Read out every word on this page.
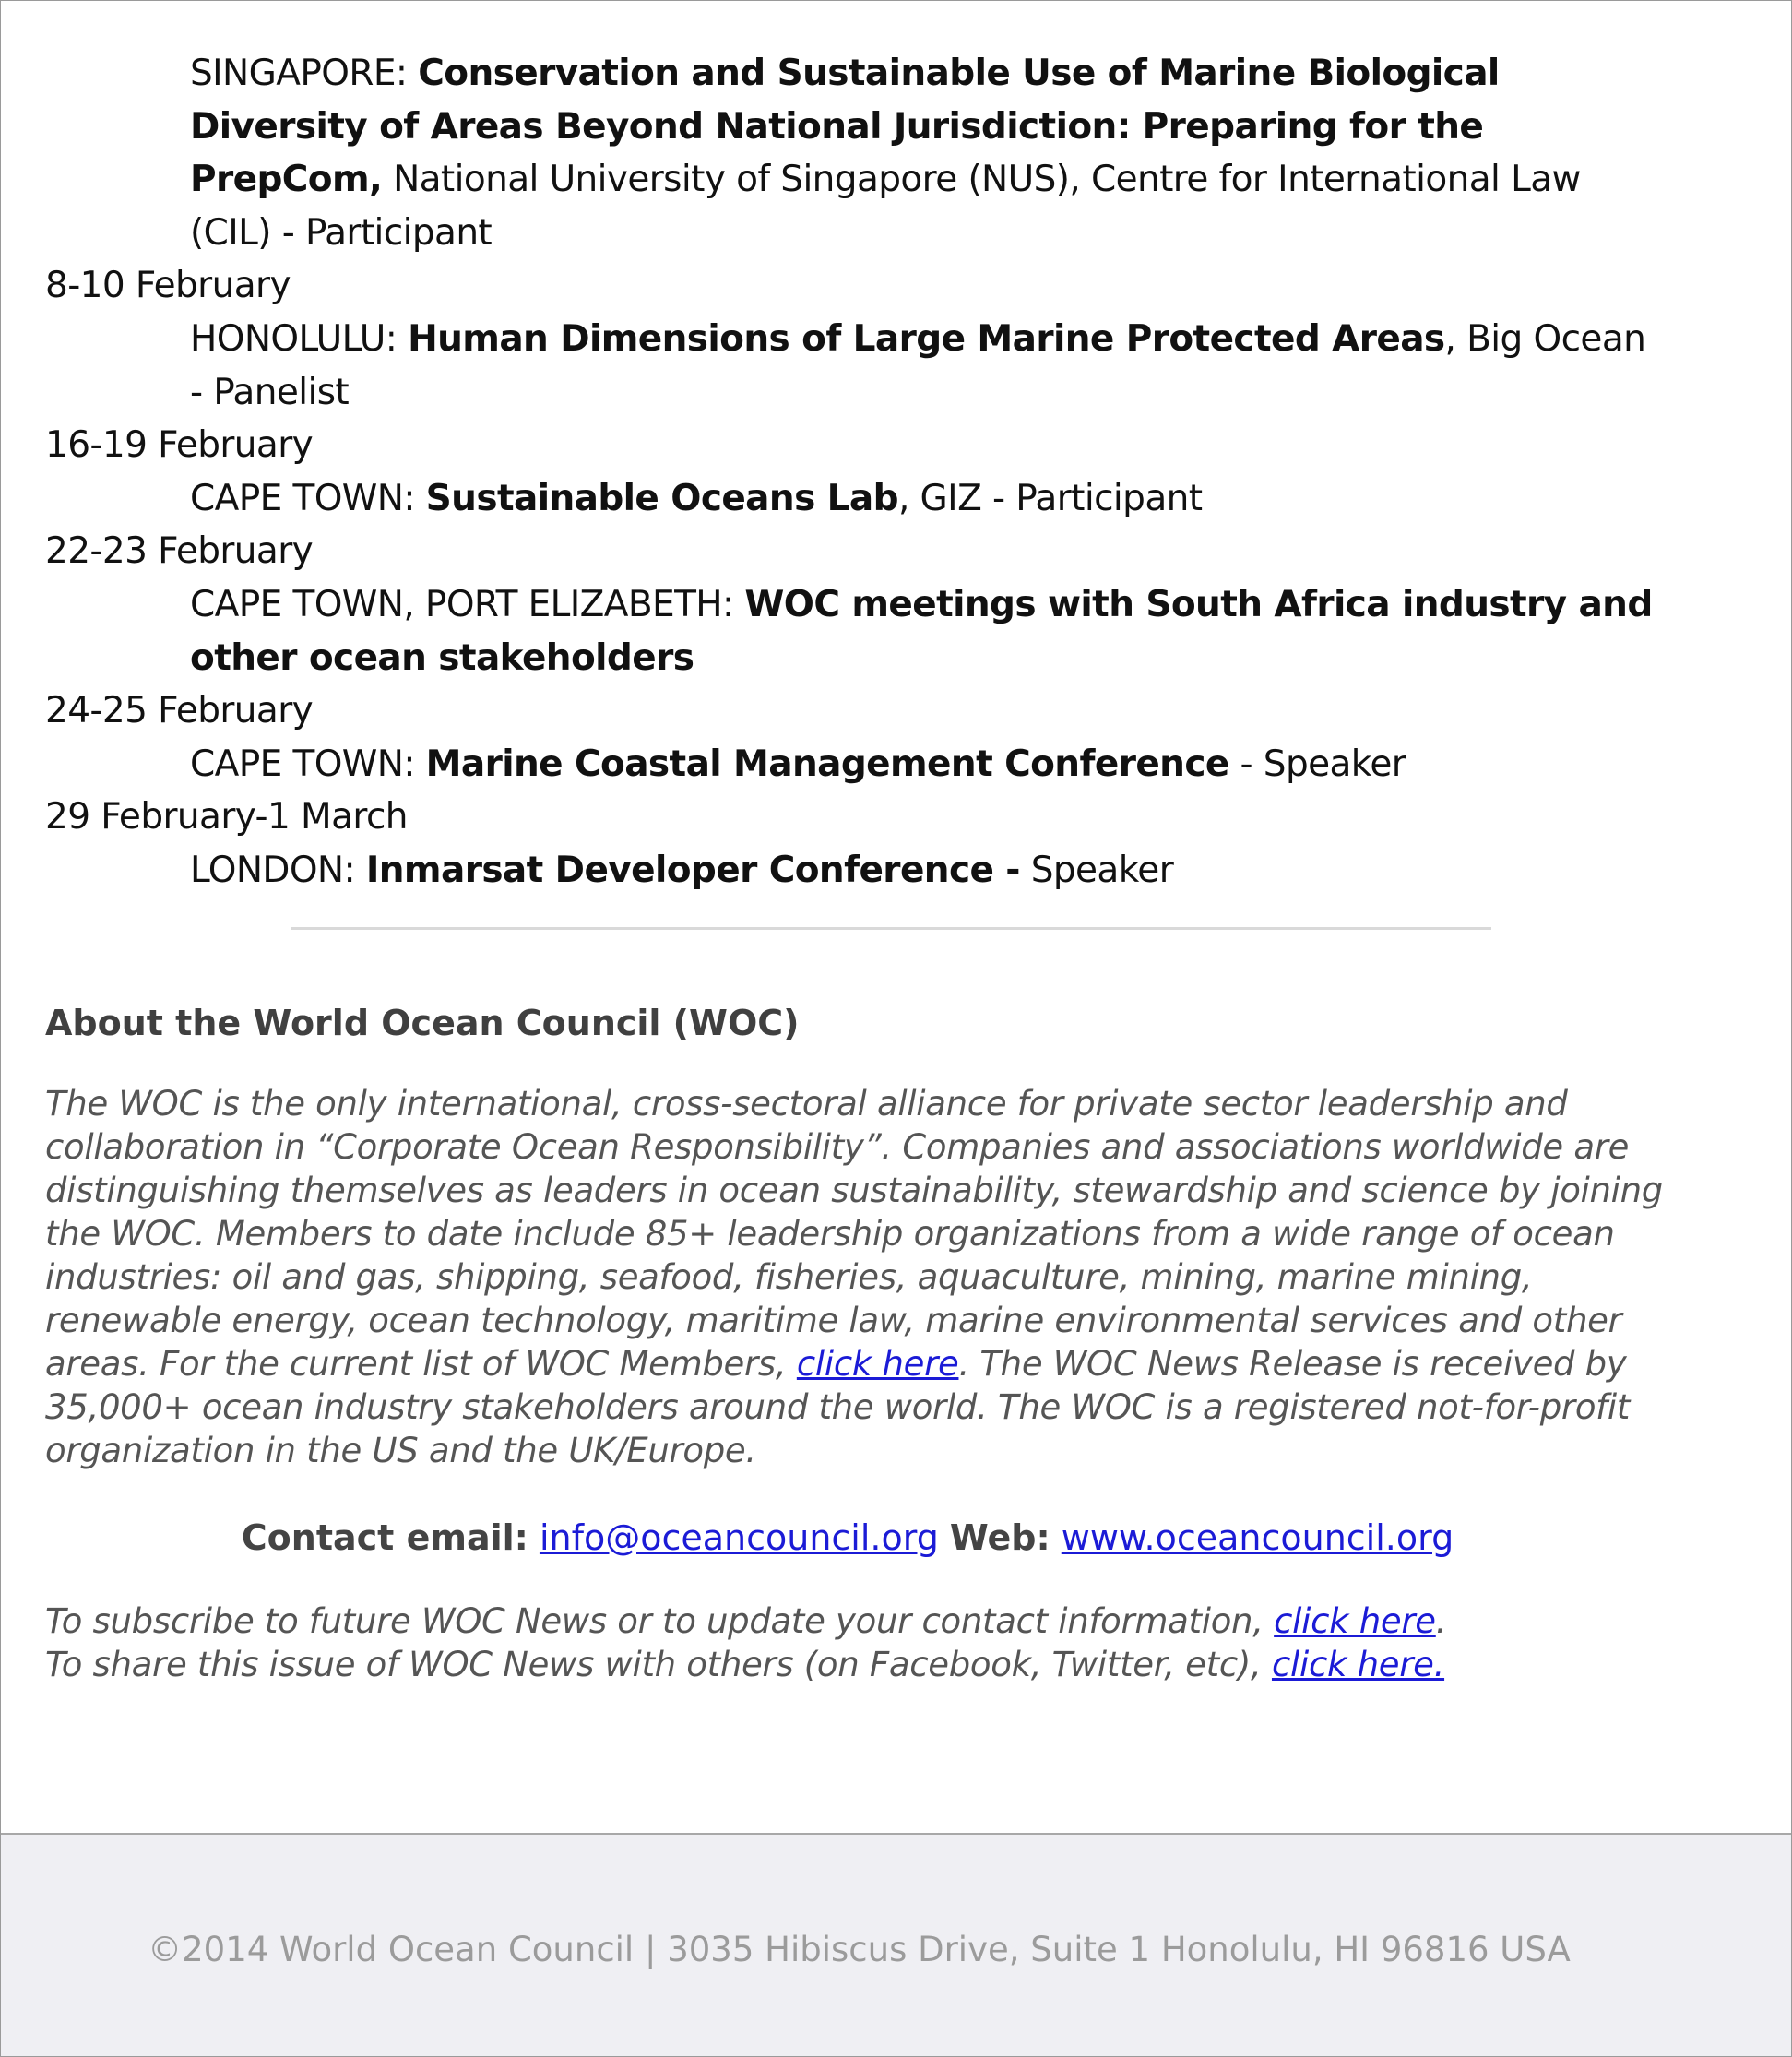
SINGAPORE: Conservation and Sustainable Use of Marine Biological Diversity of Areas Beyond National Jurisdiction: Preparing for the PrepCom, National University of Singapore (NUS), Centre for International Law (CIL) - Participant
8-10 February
HONOLULU: Human Dimensions of Large Marine Protected Areas, Big Ocean - Panelist
16-19 February
CAPE TOWN: Sustainable Oceans Lab, GIZ - Participant
22-23 February
CAPE TOWN, PORT ELIZABETH: WOC meetings with South Africa industry and other ocean stakeholders
24-25 February
CAPE TOWN: Marine Coastal Management Conference - Speaker
29 February-1 March
LONDON: Inmarsat Developer Conference - Speaker
About the World Ocean Council (WOC)

The WOC is the only international, cross-sectoral alliance for private sector leadership and collaboration in “Corporate Ocean Responsibility”. Companies and associations worldwide are distinguishing themselves as leaders in ocean sustainability, stewardship and science by joining the WOC. Members to date include 85+ leadership organizations from a wide range of ocean industries: oil and gas, shipping, seafood, fisheries, aquaculture, mining, marine mining, renewable energy, ocean technology, maritime law, marine environmental services and other areas. For the current list of WOC Members, click here. The WOC News Release is received by 35,000+ ocean industry stakeholders around the world. The WOC is a registered not-for-profit organization in the US and the UK/Europe.

Contact email: info@oceancouncil.org Web: www.oceancouncil.org
To subscribe to future WOC News or to update your contact information, click here.
To share this issue of WOC News with others (on Facebook, Twitter, etc), click here.
©2014 World Ocean Council | 3035 Hibiscus Drive, Suite 1 Honolulu, HI 96816 USA
